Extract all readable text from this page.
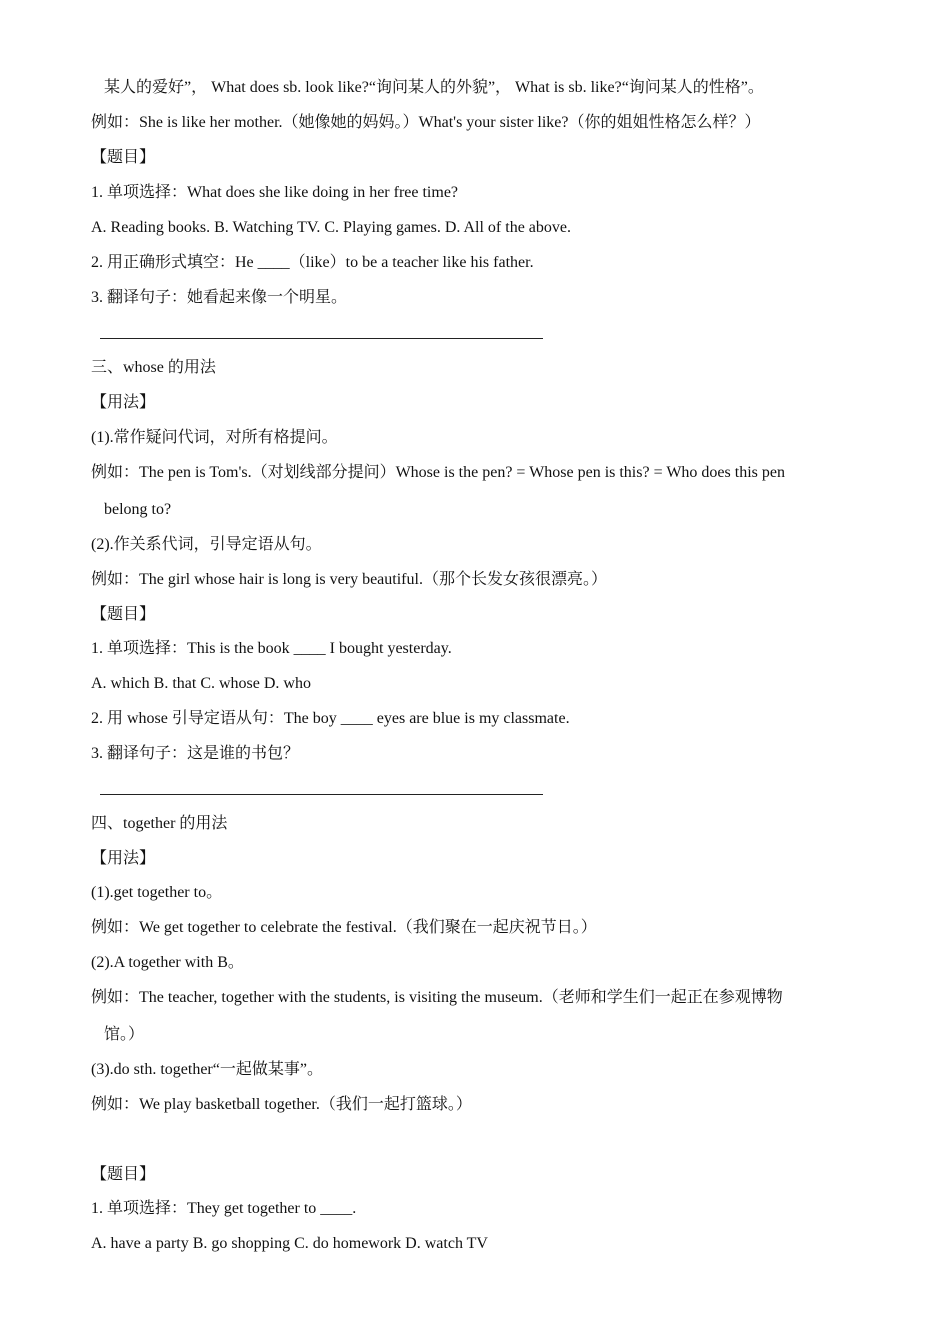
某人的爱好”， What does sb. look like?“询问某人的外貌”， What is sb. like?“询问某人的性格”。
例如：She is like her mother.（她像她的妈妈。）What's your sister like?（你的姐姐性格怎么样？）
【题目】
1. 单项选择：What does she like doing in her free time?
A. Reading books. B. Watching TV. C. Playing games. D. All of the above.
2. 用正确形式填空：He ____（like）to be a teacher like his father.
3. 翻译句子：她看起来像一个明星。
三、whose 的用法
【用法】
(1).常作疑问代词，对所有格提问。
例如：The pen is Tom's.（对划线部分提问）Whose is the pen? = Whose pen is this? = Who does this pen
belong to?
(2).作关系代词，引导定语从句。
例如：The girl whose hair is long is very beautiful.（那个长发女孩很漂亮。）
【题目】
1. 单项选择：This is the book ____ I bought yesterday.
A. which B. that C. whose D. who
2. 用 whose 引导定语从句：The boy ____ eyes are blue is my classmate.
3. 翻译句子：这是谁的书包？
四、together 的用法
【用法】
(1).get together to。
例如：We get together to celebrate the festival.（我们聚在一起庆祝节日。）
(2).A together with B。
例如：The teacher, together with the students, is visiting the museum.（老师和学生们一起正在参观博物
馆。）
(3).do sth. together“一起做某事”。
例如：We play basketball together.（我们一起打篮球。）
【题目】
1. 单项选择：They get together to ____.
A. have a party B. go shopping C. do homework D. watch TV
